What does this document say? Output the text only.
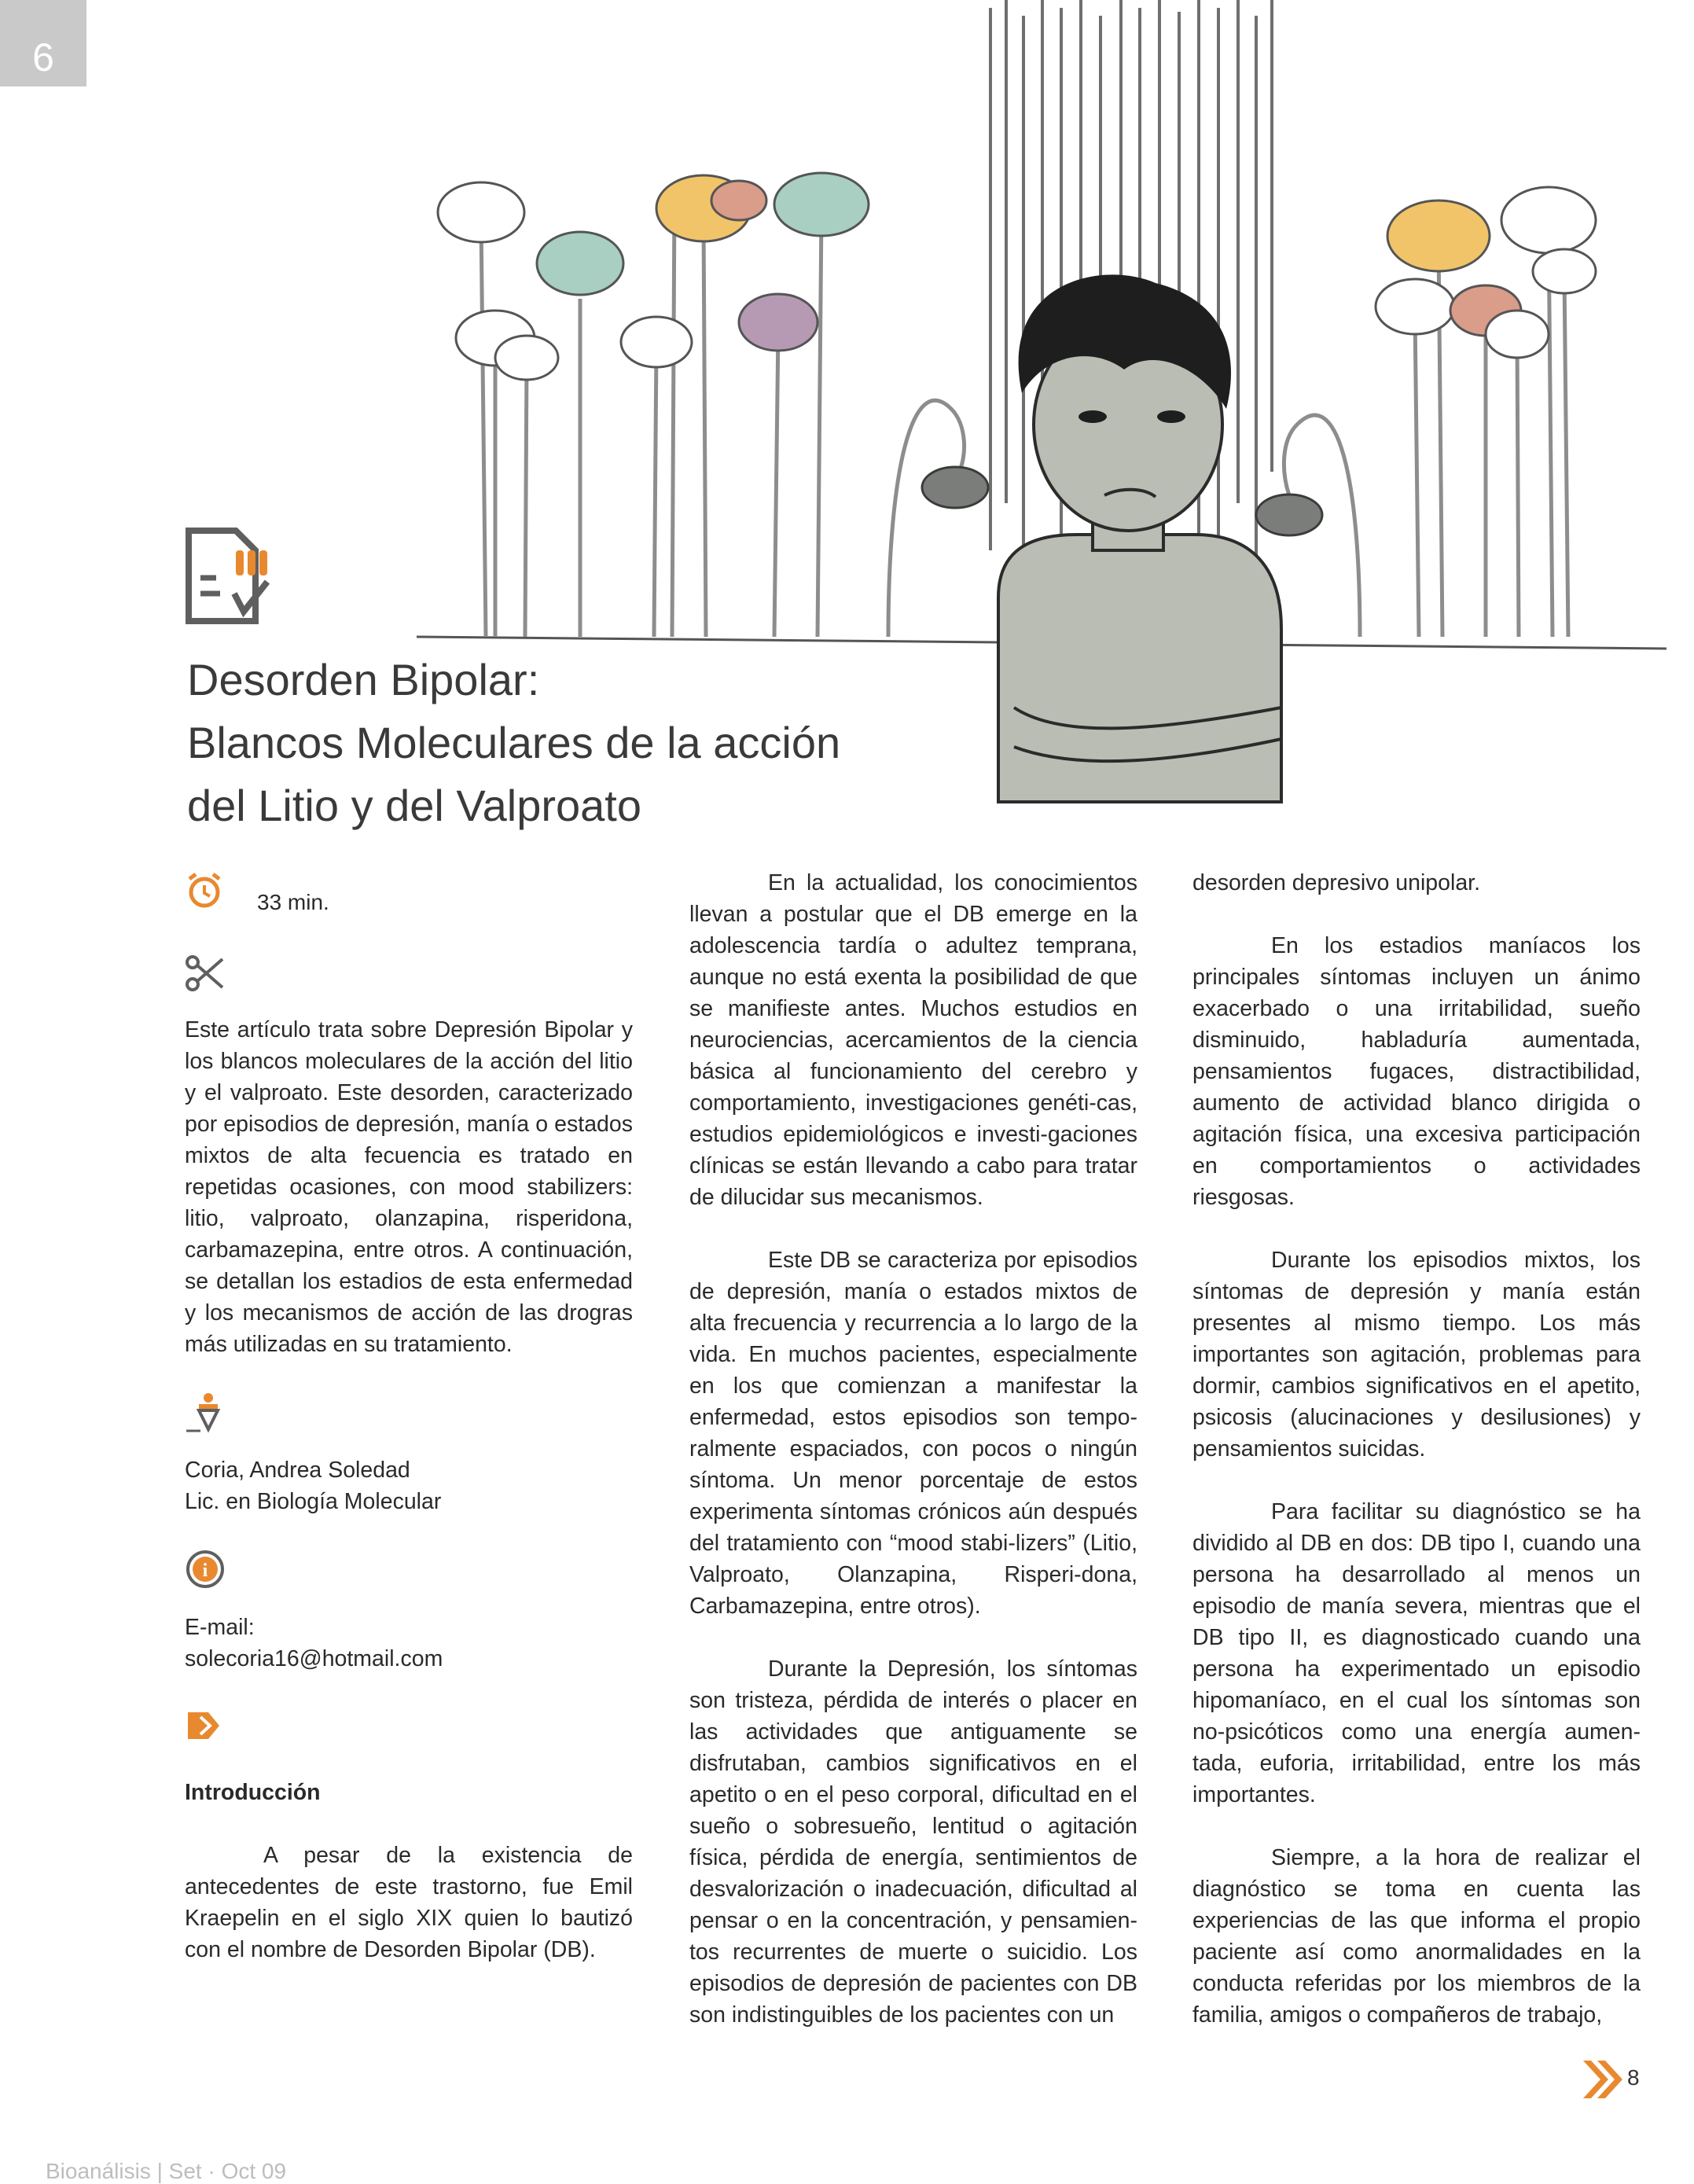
6
Desorden Bipolar:
Blancos Moleculares de la acción
del Litio y del Valproato
33 min.

Este artículo trata sobre Depresión Bipolar y los blancos moleculares de la acción del litio y el valproato. Este desorden, caracterizado por episodios de depresión, manía o estados mixtos de alta fecuencia es tratado en repetidas ocasiones, con mood stabilizers: litio, valproato, olanzapina, risperidona, carbamazepina, entre otros. A continuación, se detallan los estadios de esta enfermedad y los mecanismos de acción de las drogras más utilizadas en su tratamiento.

Coria, Andrea Soledad
Lic. en Biología Molecular
i
E-mail:
solecoria16@hotmail.com
Introducción

A pesar de la existencia de antecedentes de este trastorno, fue Emil Kraepelin en el siglo XIX quien lo bautizó con el nombre de Desorden Bipolar (DB).

En la actualidad, los conocimientos llevan a postular que el DB emerge en la adolescencia tardía o adultez temprana, aunque no está exenta la posibilidad de que se manifieste antes. Muchos estudios en neurociencias, acercamientos de la ciencia básica al funcionamiento del cerebro y comportamiento, investigaciones genéti-cas, estudios epidemiológicos e investi-gaciones clínicas se están llevando a cabo para tratar de dilucidar sus mecanismos.

Este DB se caracteriza por episodios de depresión, manía o estados mixtos de alta frecuencia y recurrencia a lo largo de la vida. En muchos pacientes, especialmente en los que comienzan a manifestar la enfermedad, estos episodios son tempo-ralmente espaciados, con pocos o ningún síntoma. Un menor porcentaje de estos experimenta síntomas crónicos aún después del tratamiento con “mood stabi-lizers” (Litio, Valproato, Olanzapina, Risperi-dona, Carbamazepina, entre otros).

Durante la Depresión, los síntomas son tristeza, pérdida de interés o placer en las actividades que antiguamente se disfrutaban, cambios significativos en el apetito o en el peso corporal, dificultad en el sueño o sobresueño, lentitud o agitación física, pérdida de energía, sentimientos de desvalorización o inadecuación, dificultad al pensar o en la concentración, y pensamien-tos recurrentes de muerte o suicidio. Los episodios de depresión de pacientes con DB son indistinguibles de los pacientes con un

desorden depresivo unipolar.

En los estadios maníacos los principales síntomas incluyen un ánimo exacerbado o una irritabilidad, sueño disminuido, habladuría aumentada, pensamientos fugaces, distractibilidad, aumento de actividad blanco dirigida o agitación física, una excesiva participación en comportamientos o actividades riesgosas.

Durante los episodios mixtos, los síntomas de depresión y manía están presentes al mismo tiempo. Los más importantes son agitación, problemas para dormir, cambios significativos en el apetito, psicosis (alucinaciones y desilusiones) y pensamientos suicidas.

Para facilitar su diagnóstico se ha dividido al DB en dos: DB tipo I, cuando una persona ha desarrollado al menos un episodio de manía severa, mientras que el DB tipo II, es diagnosticado cuando una persona ha experimentado un episodio hipomaníaco, en el cual los síntomas son no-psicóticos como una energía aumen-tada, euforia, irritabilidad, entre los más importantes.

Siempre, a la hora de realizar el diagnóstico se toma en cuenta las experiencias de las que informa el propio paciente así como anormalidades en la conducta referidas por los miembros de la familia, amigos o compañeros de trabajo,

8
Bioanálisis | Set · Oct 09
